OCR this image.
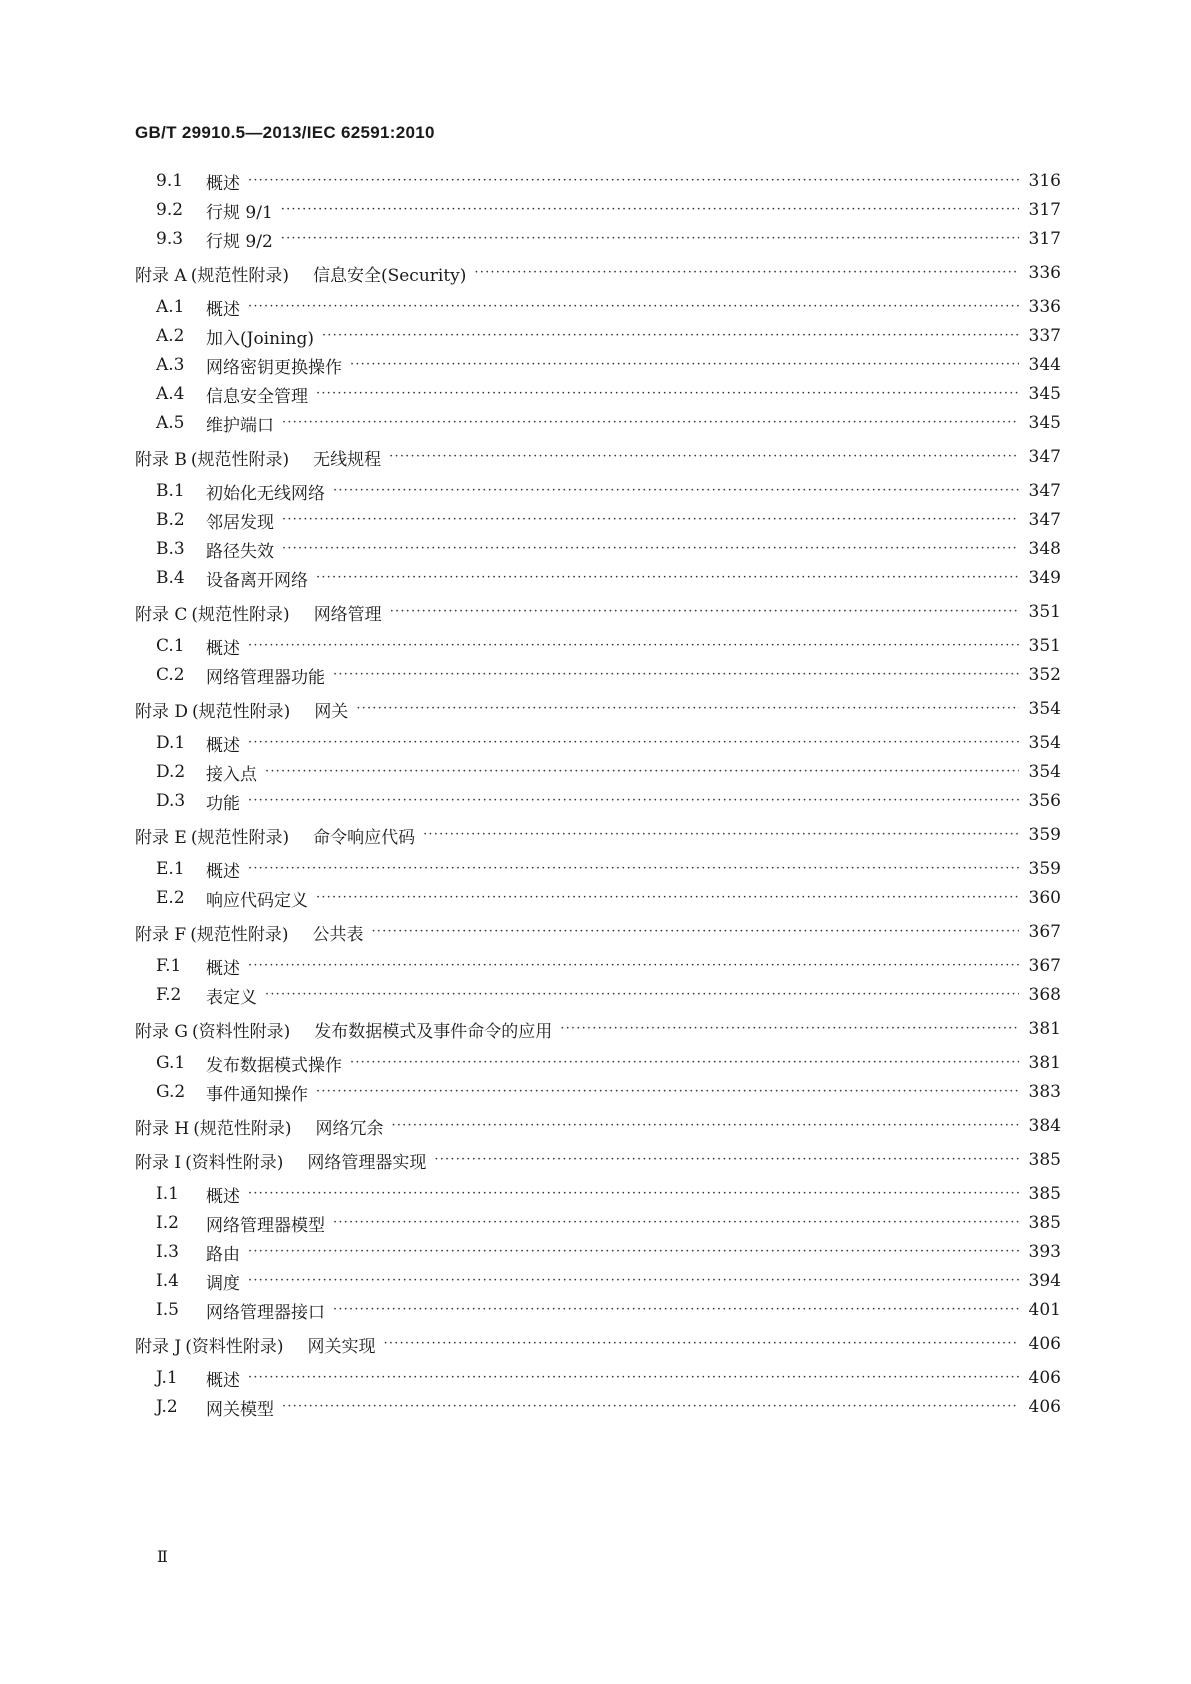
GB/T 29910.5—2013/IEC 62591:2010
9.1	概述 ·····	316
9.2	行规 9/1 ·····	317
9.3	行规 9/2 ·····	317
附录 A (规范性附录) 信息安全(Security) ·····	336
A.1	概述 ·····	336
A.2	加入(Joining) ·····	337
A.3	网络密钥更换操作 ·····	344
A.4	信息安全管理 ·····	345
A.5	维护端口 ·····	345
附录 B (规范性附录) 无线规程 ·····	347
B.1	初始化无线网络 ·····	347
B.2	邻居发现 ·····	347
B.3	路径失效 ·····	348
B.4	设备离开网络 ·····	349
附录 C (规范性附录) 网络管理 ·····	351
C.1	概述 ·····	351
C.2	网络管理器功能 ·····	352
附录 D (规范性附录) 网关 ·····	354
D.1	概述 ·····	354
D.2	接入点 ·····	354
D.3	功能 ·····	356
附录 E (规范性附录) 命令响应代码 ·····	359
E.1	概述 ·····	359
E.2	响应代码定义 ·····	360
附录 F (规范性附录) 公共表 ·····	367
F.1	概述 ·····	367
F.2	表定义 ·····	368
附录 G (资料性附录) 发布数据模式及事件命令的应用 ·····	381
G.1	发布数据模式操作 ·····	381
G.2	事件通知操作 ·····	383
附录 H (规范性附录) 网络冗余 ·····	384
附录 I (资料性附录) 网络管理器实现 ·····	385
I.1	概述 ·····	385
I.2	网络管理器模型 ·····	385
I.3	路由 ·····	393
I.4	调度 ·····	394
I.5	网络管理器接口 ·····	401
附录 J (资料性附录) 网关实现 ·····	406
J.1	概述 ·····	406
J.2	网关模型 ·····	406
Ⅱ
